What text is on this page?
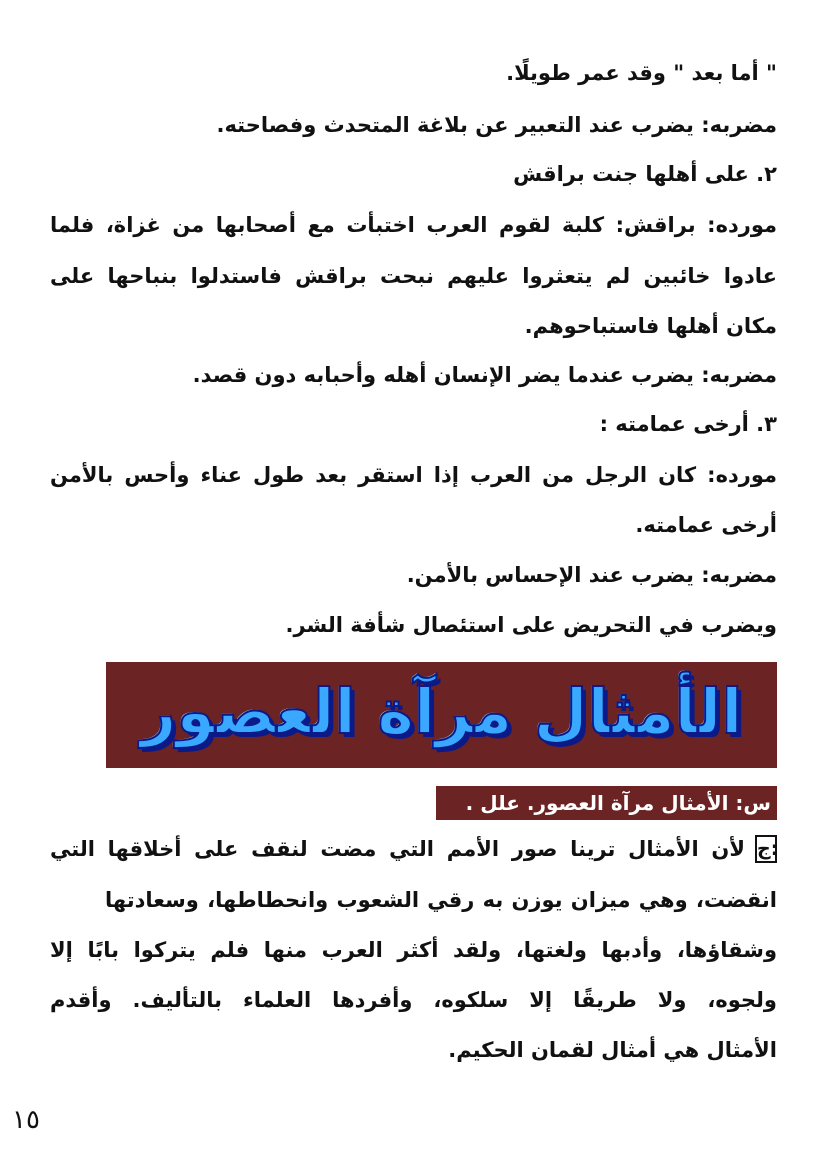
" أما بعد " وقد عمر طويلًا.
مضربه: يضرب عند التعبير عن بلاغة المتحدث وفصاحته.
٢. على أهلها جنت براقش
مورده: براقش: كلبة لقوم العرب اختبأت مع أصحابها من غزاة، فلما
عادوا خائبين لم يتعثروا عليهم نبحت براقش فاستدلوا بنباحها على
مكان أهلها فاستباحوهم.
مضربه: يضرب عندما يضر الإنسان أهله وأحبابه دون قصد.
٣. أرخى عمامته :
مورده: كان الرجل من العرب إذا استقر بعد طول عناء وأحس بالأمن
أرخى عمامته.
مضربه: يضرب عند الإحساس بالأمن.
ويضرب في التحريض على استئصال شأفة الشر.
الأمثال مرآة العصور
س: الأمثال مرآة العصور. علل .
ج:
لأن الأمثال ترينا صور الأمم التي مضت لنقف على أخلاقها التي
انقضت، وهي ميزان يوزن به رقي الشعوب وانحطاطها، وسعادتها
وشقاؤها، وأدبها ولغتها، ولقد أكثر العرب منها فلم يتركوا بابًا إلا
ولجوه، ولا طريقًا إلا سلكوه، وأفردها العلماء بالتأليف. وأقدم
الأمثال هي أمثال لقمان الحكيم.
١٥
